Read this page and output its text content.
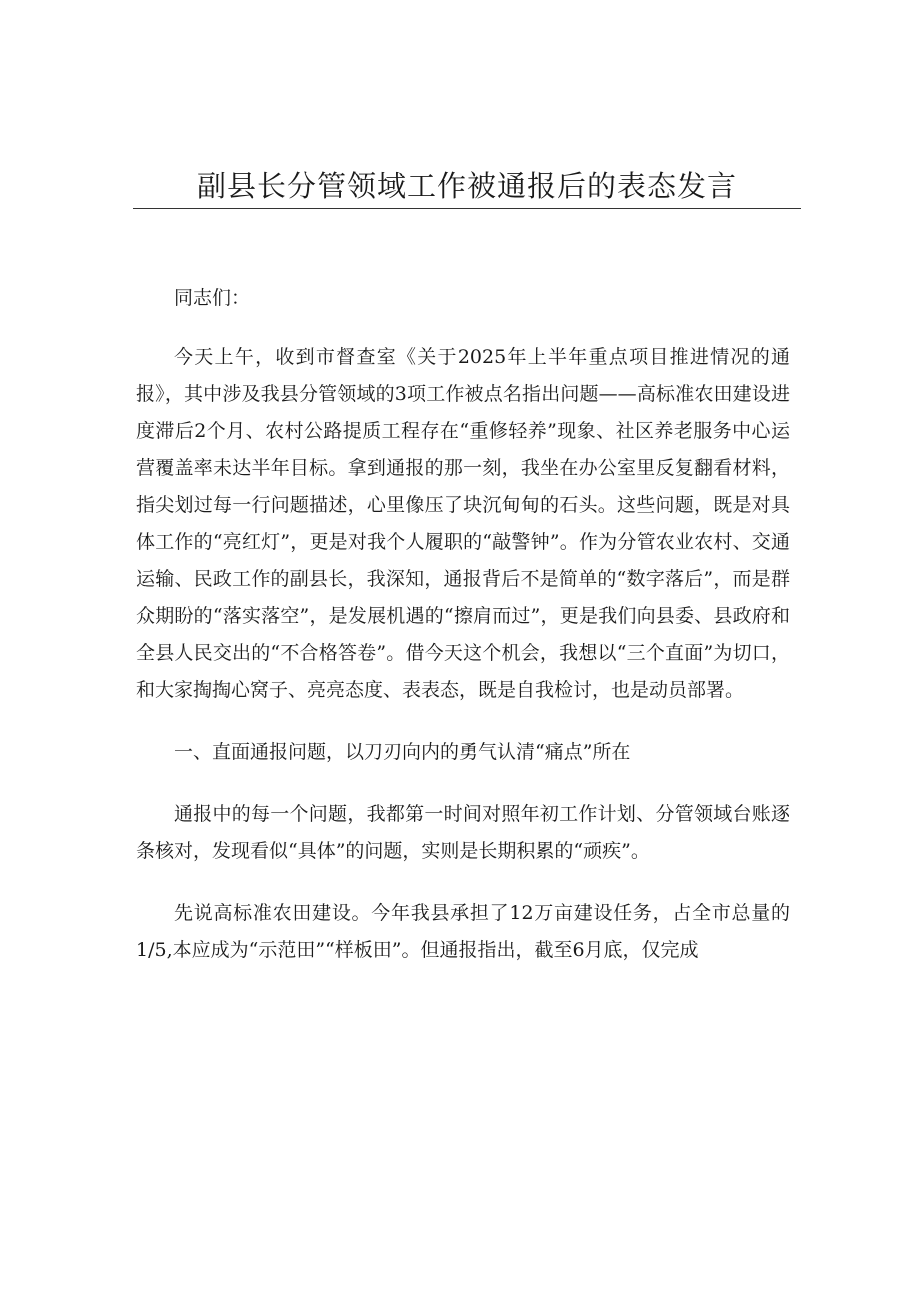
副县长分管领域工作被通报后的表态发言

同志们：

今天上午，收到市督查室《关于2025年上半年重点项目推进情况的通报》，其中涉及我县分管领域的3项工作被点名指出问题——高标准农田建设进度滞后2个月、农村公路提质工程存在“重修轻养”现象、社区养老服务中心运营覆盖率未达半年目标。拿到通报的那一刻，我坐在办公室里反复翻看材料，指尖划过每一行问题描述，心里像压了块沉甸甸的石头。这些问题，既是对具体工作的“亮红灯”，更是对我个人履职的“敲警钟”。作为分管农业农村、交通运输、民政工作的副县长，我深知，通报背后不是简单的“数字落后”，而是群众期盼的“落实落空”，是发展机遇的“擦肩而过”，更是我们向县委、县政府和全县人民交出的“不合格答卷”。借今天这个机会，我想以“三个直面”为切口，和大家掏掏心窝子、亮亮态度、表表态，既是自我检讨，也是动员部署。

一、直面通报问题，以刀刃向内的勇气认清“痛点”所在

通报中的每一个问题，我都第一时间对照年初工作计划、分管领域台账逐条核对，发现看似“具体”的问题，实则是长期积累的“顽疾”。

先说高标准农田建设。今年我县承担了12万亩建设任务，占全市总量的1/5,本应成为“示范田”“样板田”。但通报指出，截至6月底，仅完成
